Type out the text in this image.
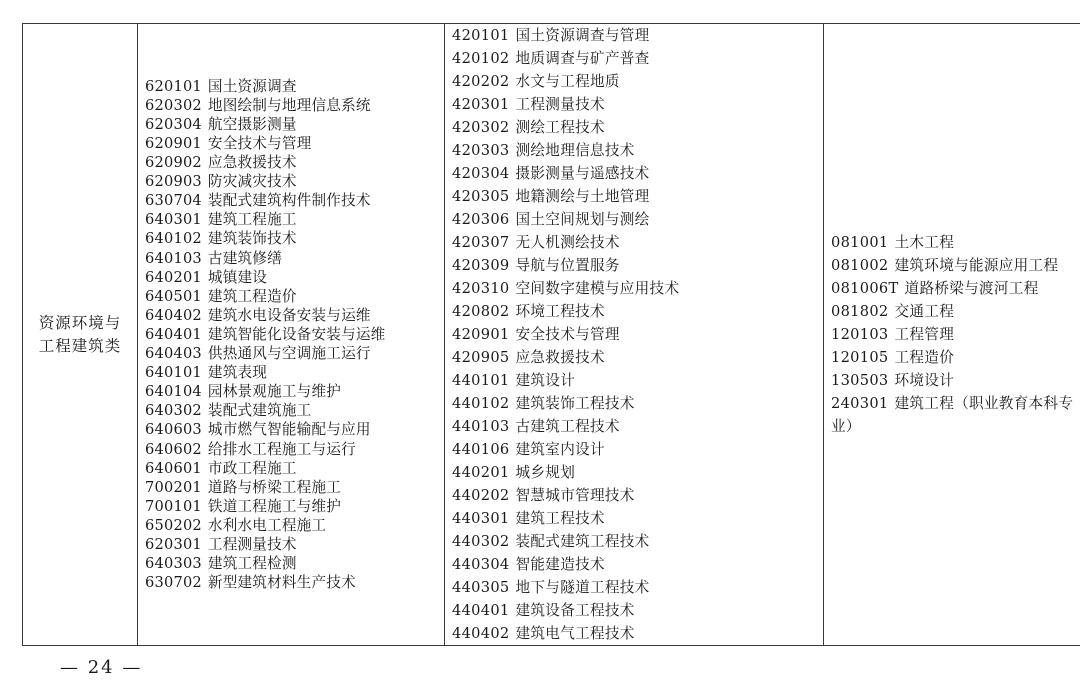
资源环境与
工程建筑类

620101 国土资源调查
620302 地图绘制与地理信息系统
620304 航空摄影测量
620901 安全技术与管理
620902 应急救援技术
620903 防灾减灾技术
630704 装配式建筑构件制作技术
640301 建筑工程施工
640102 建筑装饰技术
640103 古建筑修缮
640201 城镇建设
640501 建筑工程造价
640402 建筑水电设备安装与运维
640401 建筑智能化设备安装与运维
640403 供热通风与空调施工运行
640101 建筑表现
640104 园林景观施工与维护
640302 装配式建筑施工
640603 城市燃气智能输配与应用
640602 给排水工程施工与运行
640601 市政工程施工
700201 道路与桥梁工程施工
700101 铁道工程施工与维护
650202 水利水电工程施工
620301 工程测量技术
640303 建筑工程检测
630702 新型建筑材料生产技术

420101 国土资源调查与管理
420102 地质调查与矿产普查
420202 水文与工程地质
420301 工程测量技术
420302 测绘工程技术
420303 测绘地理信息技术
420304 摄影测量与遥感技术
420305 地籍测绘与土地管理
420306 国土空间规划与测绘
420307 无人机测绘技术
420309 导航与位置服务
420310 空间数字建模与应用技术
420802 环境工程技术
420901 安全技术与管理
420905 应急救援技术
440101 建筑设计
440102 建筑装饰工程技术
440103 古建筑工程技术
440106 建筑室内设计
440201 城乡规划
440202 智慧城市管理技术
440301 建筑工程技术
440302 装配式建筑工程技术
440304 智能建造技术
440305 地下与隧道工程技术
440401 建筑设备工程技术
440402 建筑电气工程技术

081001 土木工程
081002 建筑环境与能源应用工程
081006T 道路桥梁与渡河工程
081802 交通工程
120103 工程管理
120105 工程造价
130503 环境设计
240301 建筑工程（职业教育本科专业）
— 24 —
